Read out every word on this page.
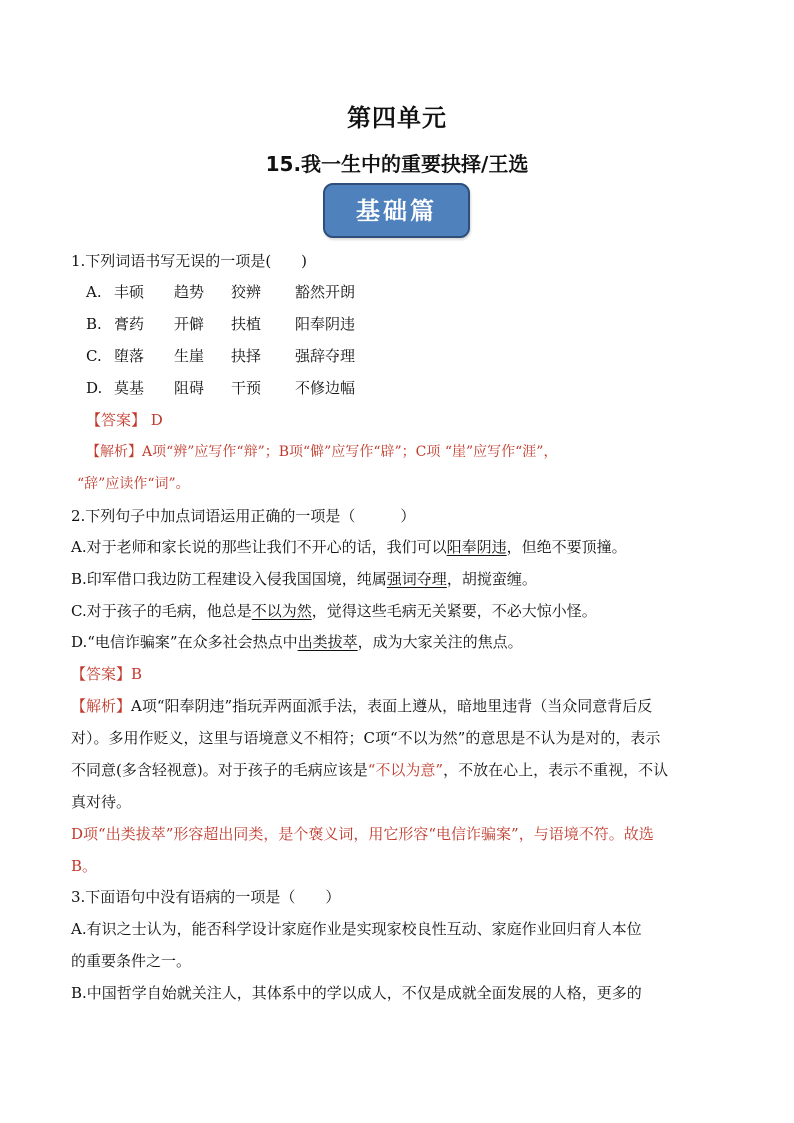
第四单元
15.我一生中的重要抉择/王选
基础篇
1.下列词语书写无误的一项是(　　)
A. 丰硕 趋势 狡辨 豁然开朗
B. 膏药 开僻 扶植 阳奉阴违
C. 堕落 生崖 抉择 强辞夺理
D. 莫基 阻碍 干预 不修边幅
【答案】 D
【解析】A项“辨”应写作“辩”；B项“僻”应写作“辟”；C项 “崖”应写作“涯”，
“辞”应读作“词”。
2.下列句子中加点词语运用正确的一项是（　　　）
A.对于老师和家长说的那些让我们不开心的话，我们可以阳奉阴违，但绝不要顶撞。
B.印军借口我边防工程建设入侵我国国境，纯属强词夺理，胡搅蛮缠。
C.对于孩子的毛病，他总是不以为然，觉得这些毛病无关紧要，不必大惊小怪。
D.“电信诈骗案”在众多社会热点中出类拔萃，成为大家关注的焦点。
【答案】B
【解析】A项“阳奉阴违”指玩弄两面派手法，表面上遵从，暗地里违背（当众同意背后反
对）。多用作贬义，这里与语境意义不相符；C项“不以为然”的意思是不认为是对的，表示
不同意(多含轻视意)。对于孩子的毛病应该是“不以为意”，不放在心上，表示不重视，不认
真对待。
D项“出类拔萃”形容超出同类，是个褒义词，用它形容“电信诈骗案”，与语境不符。故选
B。
3.下面语句中没有语病的一项是（　　）
A.有识之士认为，能否科学设计家庭作业是实现家校良性互动、家庭作业回归育人本位
的重要条件之一。
B.中国哲学自始就关注人，其体系中的学以成人，不仅是成就全面发展的人格，更多的
